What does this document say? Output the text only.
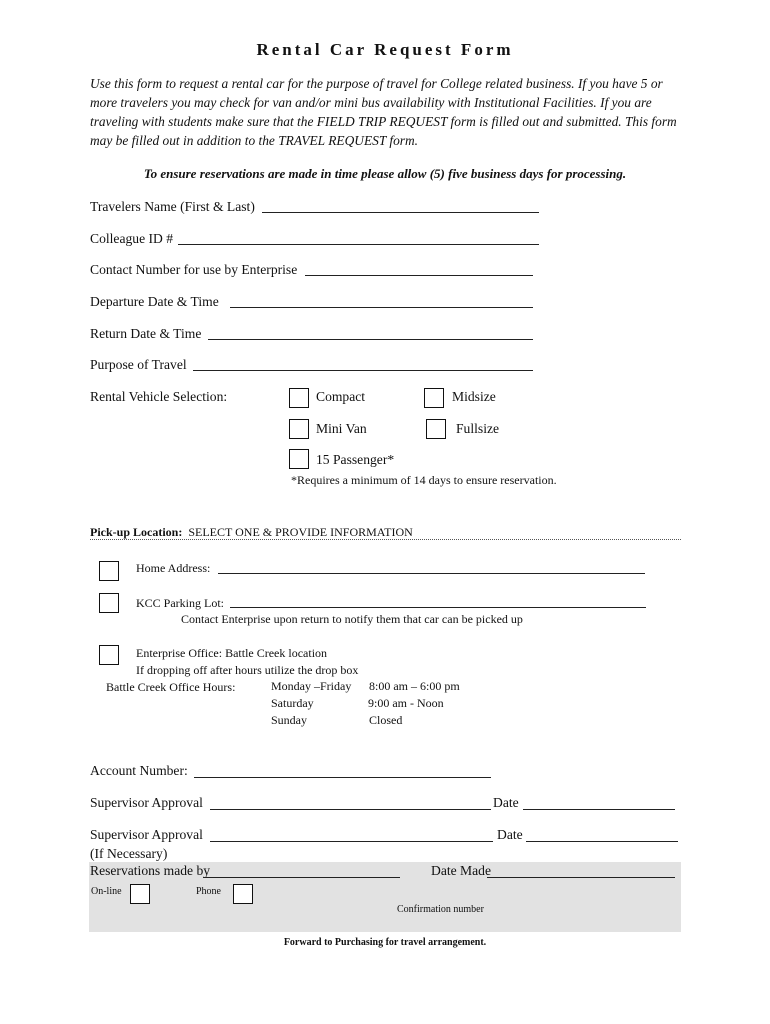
Rental Car Request Form
Use this form to request a rental car for the purpose of travel for College related business. If you have 5 or more travelers you may check for van and/or mini bus availability with Institutional Facilities. If you are traveling with students make sure that the FIELD TRIP REQUEST form is filled out and submitted. This form may be filled out in addition to the TRAVEL REQUEST form.
To ensure reservations are made in time please allow (5) five business days for processing.
Travelers Name (First & Last)
Colleague ID #
Contact Number for use by Enterprise
Departure Date & Time
Return Date & Time
Purpose of Travel
Rental Vehicle Selection:	Compact	Midsize
Mini Van	Fullsize
15 Passenger*
*Requires a minimum of 14 days to ensure reservation.
Pick-up Location: SELECT ONE & PROVIDE INFORMATION
Home Address:
KCC Parking Lot:
Contact Enterprise upon return to notify them that car can be picked up
Enterprise Office: Battle Creek location
If dropping off after hours utilize the drop box
Battle Creek Office Hours:	Monday –Friday 8:00 am – 6:00 pm
Saturday	9:00 am - Noon
Sunday	Closed
Account Number:
Supervisor Approval	Date
Supervisor Approval	Date
(If Necessary)
Reservations made by	Date Made
On-line	Phone
Confirmation number
Forward to Purchasing for travel arrangement.
